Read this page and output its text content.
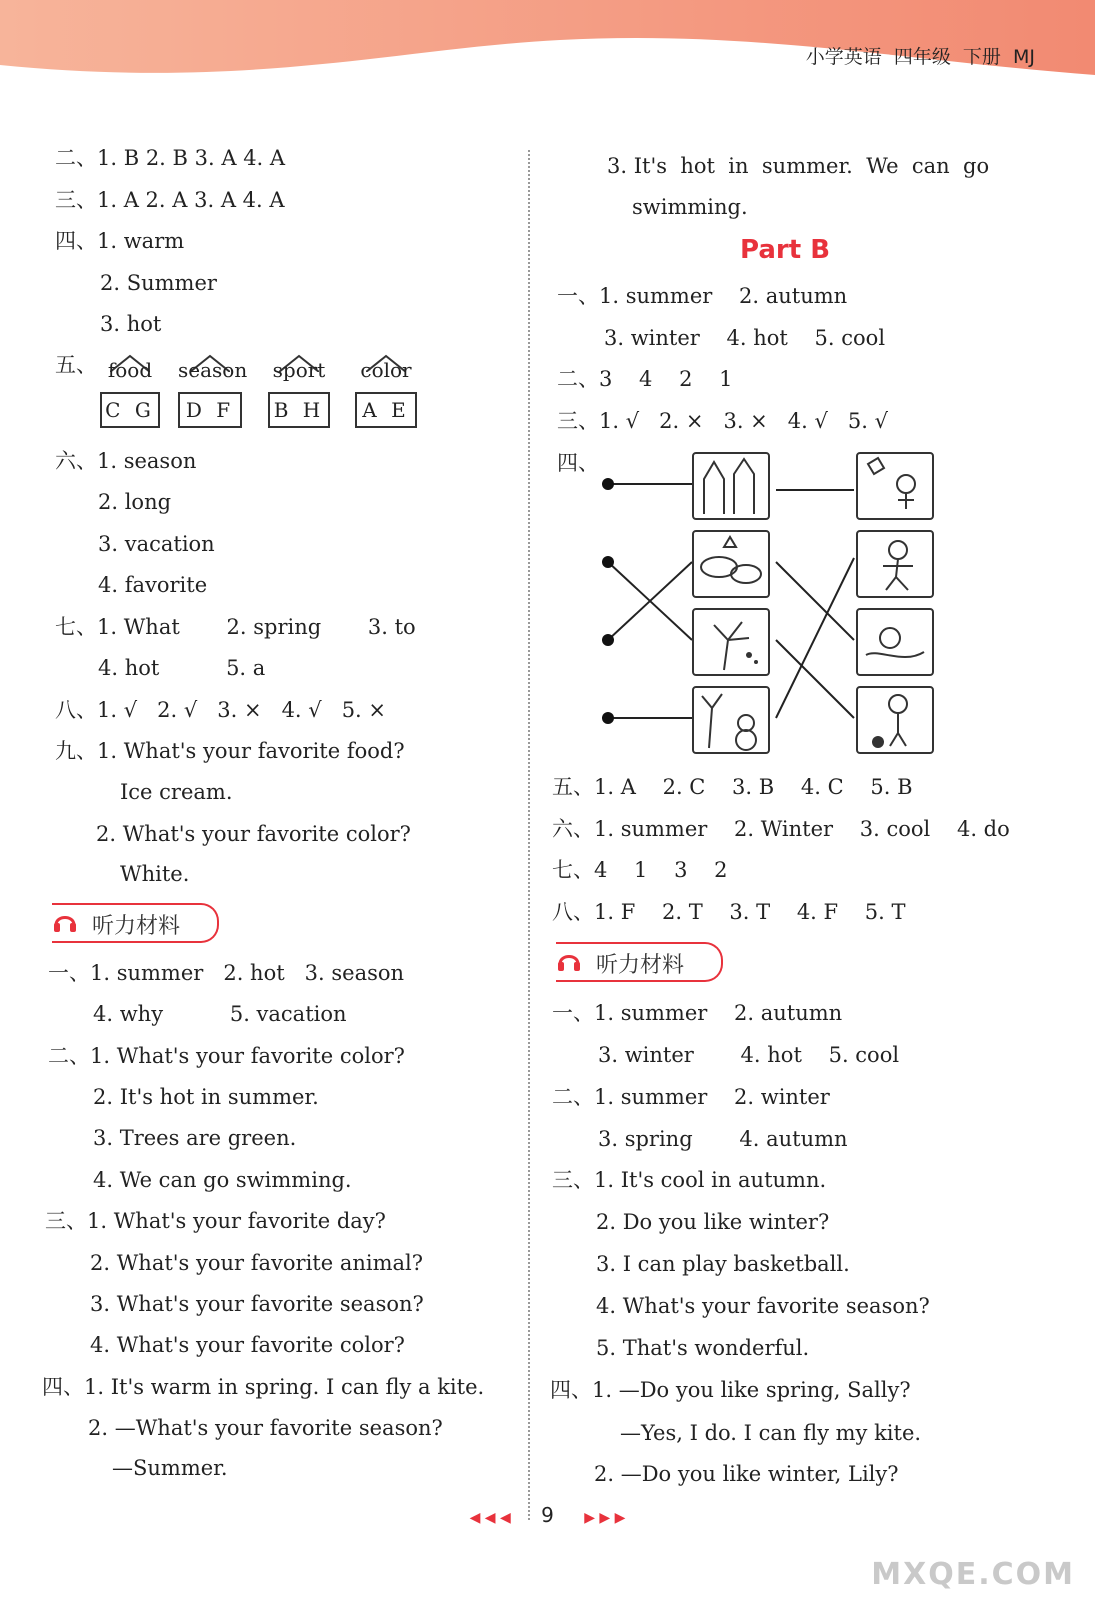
小学英语  四年级  下册  MJ
二、1. B 2. B 3. A 4. A
三、1. A 2. A 3. A 4. A
四、1. warm
2. Summer
3. hot
五、 food
C G
season
D F
sport
B H
color
A E
六、1. season
2. long
3. vacation
4. favorite
七、1. What       2. spring       3. to
4. hot          5. a
八、1. √   2. √   3. ×   4. √   5. ×
九、1. What's your favorite food?
Ice cream.
2. What's your favorite color?
White.
听力材料
一、1. summer   2. hot   3. season
4. why          5. vacation
二、1. What's your favorite color?
2. It's hot in summer.
3. Trees are green.
4. We can go swimming.
三、1. What's your favorite day?
2. What's your favorite animal?
3. What's your favorite season?
4. What's your favorite color?
四、1. It's warm in spring. I can fly a kite.
2. —What's your favorite season?
—Summer.
3. It's  hot  in  summer.  We  can  go
swimming.
Part B
一、1. summer    2. autumn
3. winter    4. hot    5. cool
二、3    4    2    1
三、1. √   2. ×   3. ×   4. √   5. √
四、
五、1. A    2. C    3. B    4. C    5. B
六、1. summer    2. Winter    3. cool    4. do
七、4    1    3    2
八、1. F    2. T    3. T    4. F    5. T
听力材料
一、1. summer    2. autumn
3. winter       4. hot    5. cool
二、1. summer    2. winter
3. spring       4. autumn
三、1. It's cool in autumn.
2. Do you like winter?
3. I can play basketball.
4. What's your favorite season?
5. That's wonderful.
四、1. —Do you like spring, Sally?
—Yes, I do. I can fly my kite.
2. —Do you like winter, Lily?
◀ ◀ ◀ 9 ▶ ▶ ▶
MXQE.COM
